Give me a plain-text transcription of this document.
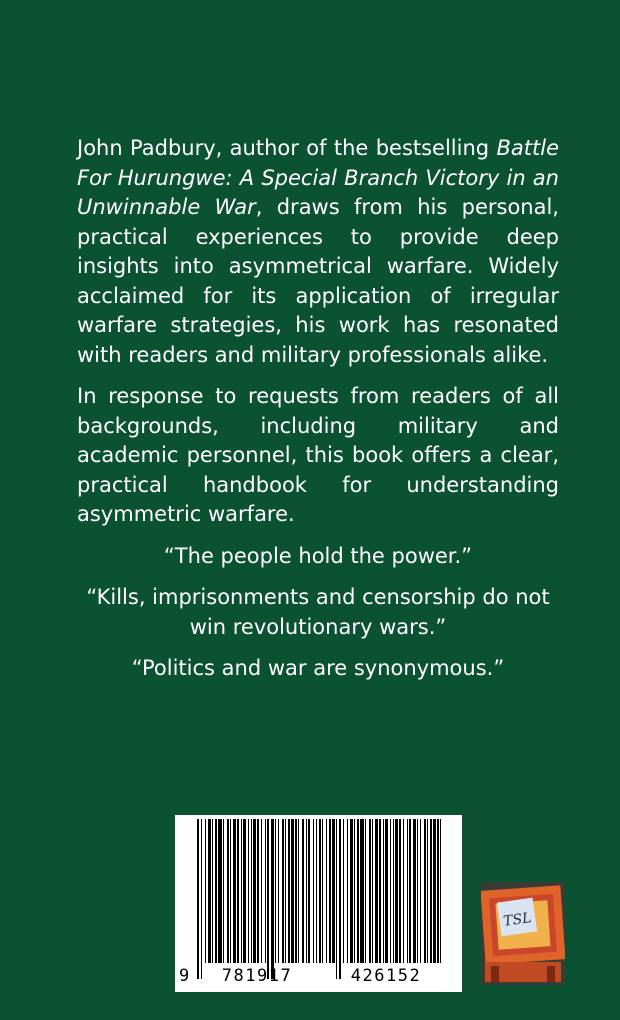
John Padbury, author of the bestselling Battle For Hurungwe: A Special Branch Victory in an Unwinnable War, draws from his personal, practical experiences to provide deep insights into asymmetrical warfare. Widely acclaimed for its application of irregular warfare strategies, his work has resonated with readers and military professionals alike.

In response to requests from readers of all backgrounds, including military and academic personnel, this book offers a clear, practical handbook for understanding asymmetric warfare.

“The people hold the power.”

“Kills, imprisonments and censorship do not win revolutionary wars.”

“Politics and war are synonymous.”

9 781917	426152
TSL
